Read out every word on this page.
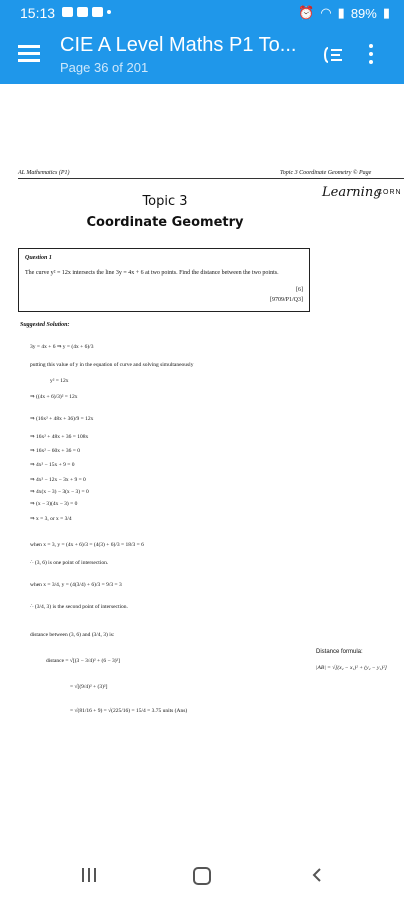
15:13	⏰ ◠ ▮ 89% ▮
CIE A Level Maths P1 To...
Page 36 of 201
AL Mathematics (P1)	Topic 3 Coordinate Geometry © Page
Learning
CORN
Topic 3
Coordinate Geometry
Question 1
The curve y² = 12x intersects the line 3y = 4x + 6 at two points. Find the distance between the two points.
[6]
[9709/P1/Q3]
Suggested Solution:
3y = 4x + 6 ⇒ y = (4x + 6)/3
putting this value of y in the equation of curve and solving simultaneously
y² = 12x
⇒ ((4x + 6)/3)² = 12x
⇒ (16x² + 48x + 36)/9 = 12x
⇒ 16x² + 48x + 36 = 108x
⇒ 16x² − 60x + 36 = 0
⇒ 4x² − 15x + 9 = 0
⇒ 4x² − 12x − 3x + 9 = 0
⇒ 4x(x − 3) − 3(x − 3) = 0
⇒ (x − 3)(4x − 3) = 0
⇒ x = 3, or x = 3/4
when x = 3, y = (4x + 6)/3 = (4(3) + 6)/3 = 18/3 = 6
∴ (3, 6) is one point of intersection.
when x = 3/4, y = (4(3/4) + 6)/3 = 9/3 = 3
∴ (3/4, 3) is the second point of intersection.
distance between (3, 6) and (3/4, 3) is:
distance = √[(3 − 3/4)² + (6 − 3)²]
= √[(9/4)² + (3)²]
= √(81/16 + 9) = √(225/16) = 15/4 = 3.75 units (Ans)
Distance formula:
|AB| = √[(x₂ − x₁)² + (y₂ − y₁)²]
